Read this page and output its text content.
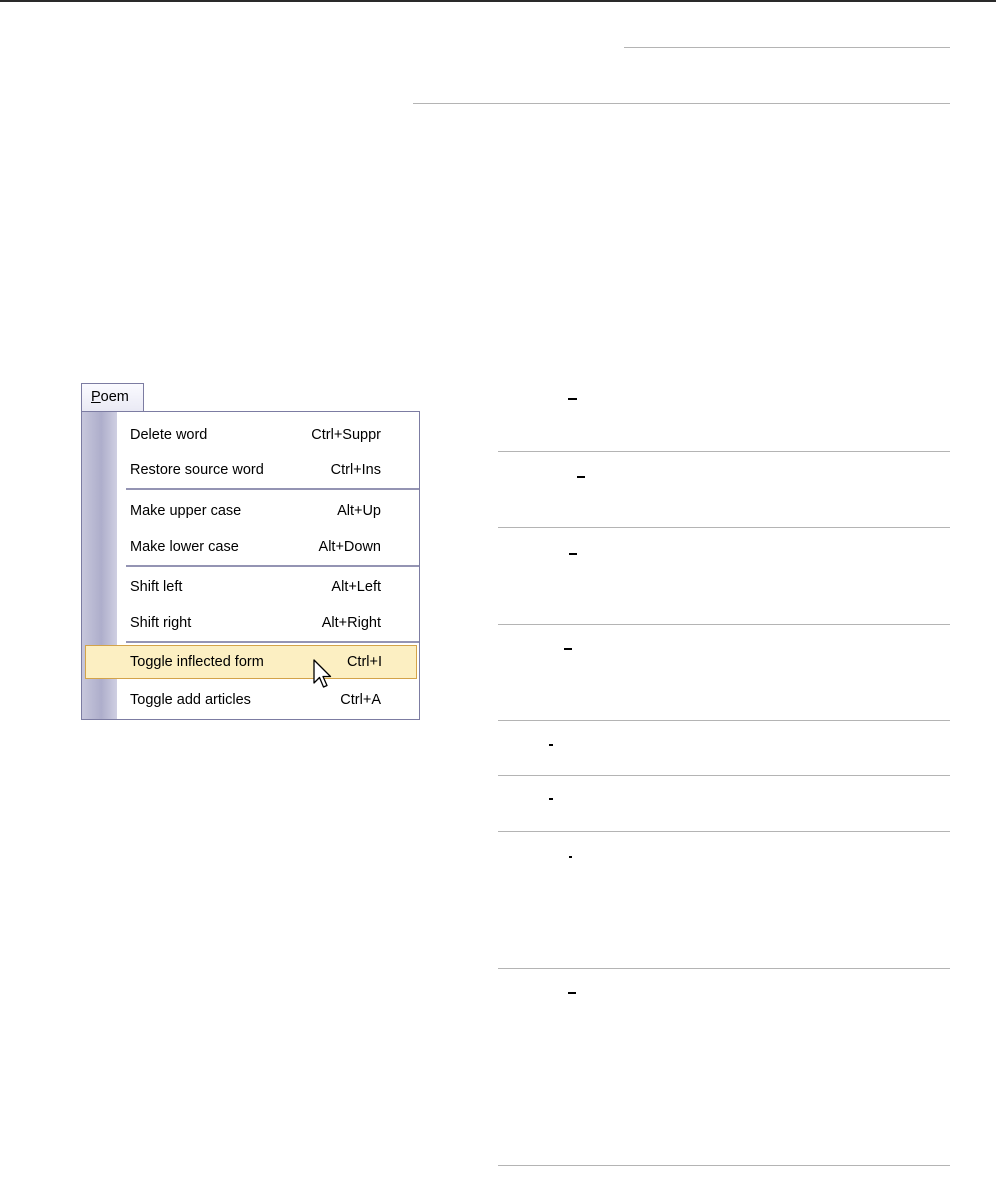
Poem
Delete word	Ctrl+Suppr
Restore source word	Ctrl+Ins
Make upper case	Alt+Up
Make lower case	Alt+Down
Shift left	Alt+Left
Shift right	Alt+Right
Toggle inflected form	Ctrl+I
Toggle add articles	Ctrl+A
